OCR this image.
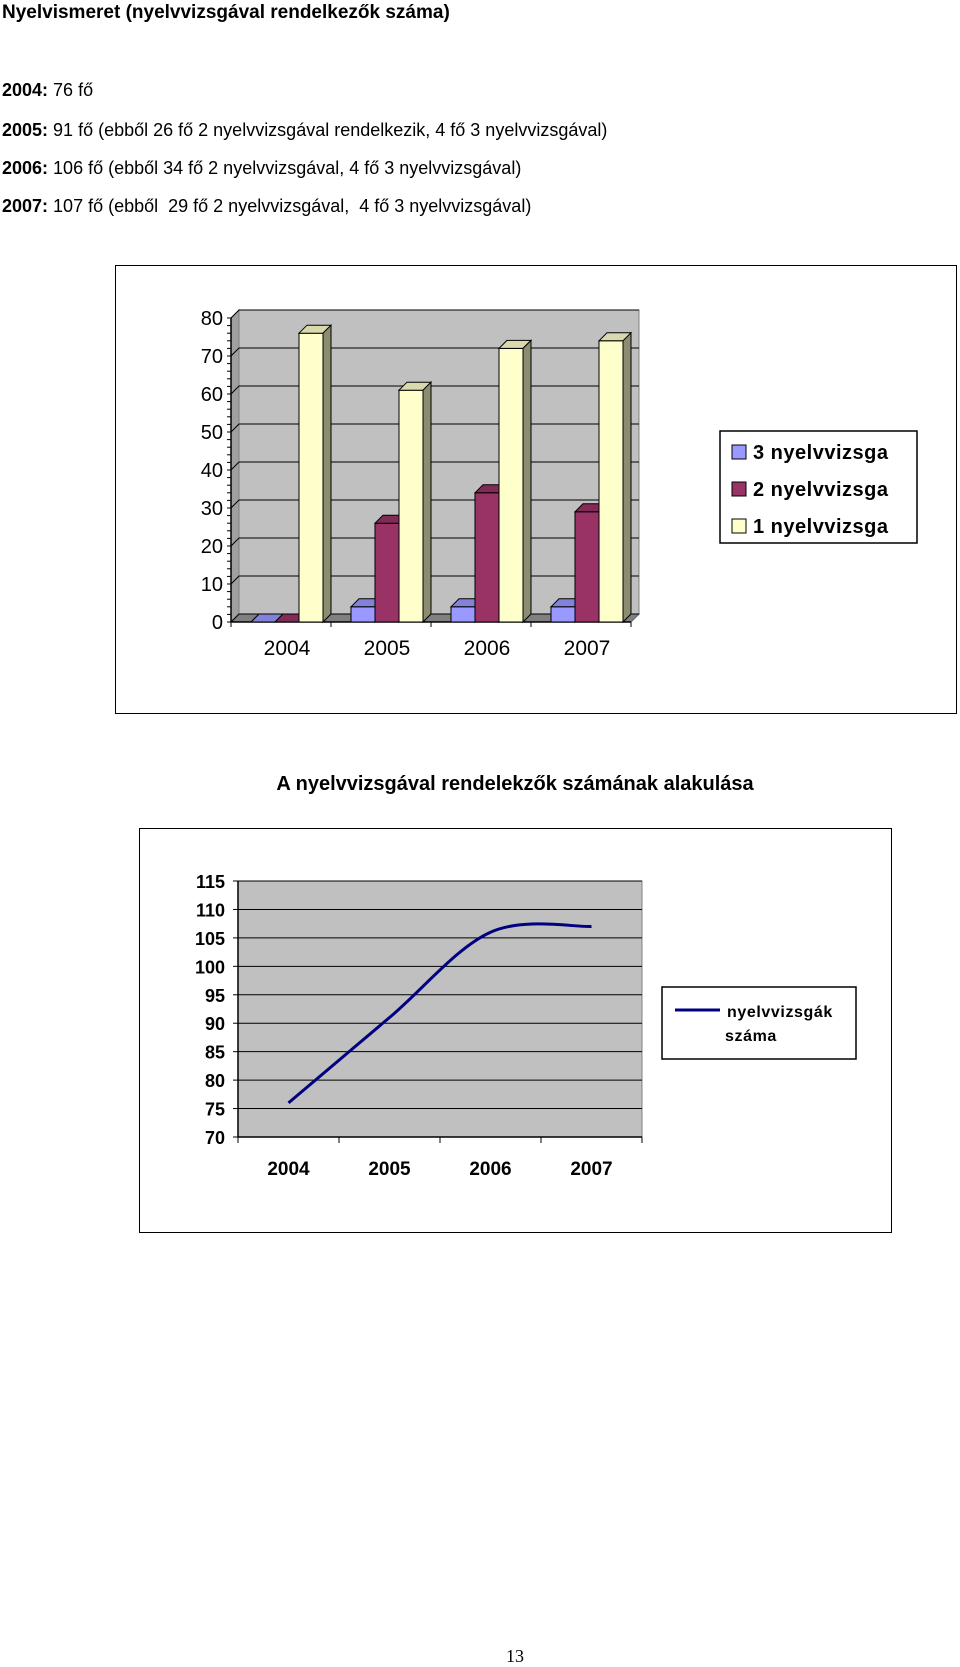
Nyelvismeret (nyelvvizsgával rendelkezők száma)
2004: 76 fő
2005: 91 fő (ebből 26 fő 2 nyelvvizsgával rendelkezik, 4 fő 3 nyelvvizsgával)
2006: 106 fő (ebből 34 fő 2 nyelvvizsgával, 4 fő 3 nyelvvizsgával)
2007: 107 fő (ebből  29 fő 2 nyelvvizsgával,  4 fő 3 nyelvvizsgával)
0
10
20
30
40
50
60
70
80
2004	2005	2006	2007
3 nyelvvizsga
2 nyelvvizsga
1 nyelvvizsga
A nyelvvizsgával rendelekzők számának alakulása
70
75
80
85
90
95
100
105
110
115
2004	2005	2006	2007
nyelvvizsgák
száma
13
